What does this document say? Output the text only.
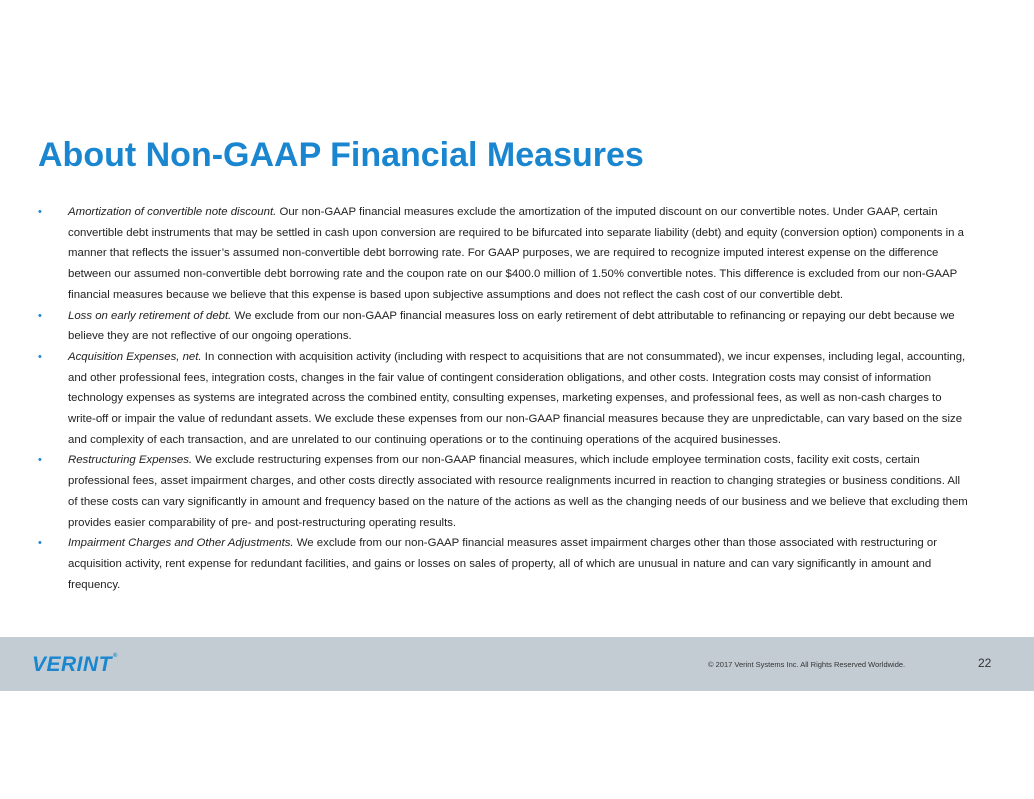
About Non-GAAP Financial Measures
•	Amortization of convertible note discount. Our non-GAAP financial measures exclude the amortization of the imputed discount on our convertible notes. Under GAAP, certain convertible debt instruments that may be settled in cash upon conversion are required to be bifurcated into separate liability (debt) and equity (conversion option) components in a manner that reflects the issuer’s assumed non-convertible debt borrowing rate. For GAAP purposes, we are required to recognize imputed interest expense on the difference between our assumed non-convertible debt borrowing rate and the coupon rate on our $400.0 million of 1.50% convertible notes. This difference is excluded from our non-GAAP financial measures because we believe that this expense is based upon subjective assumptions and does not reflect the cash cost of our convertible debt.
•	Loss on early retirement of debt. We exclude from our non-GAAP financial measures loss on early retirement of debt attributable to refinancing or repaying our debt because we believe they are not reflective of our ongoing operations.
•	Acquisition Expenses, net. In connection with acquisition activity (including with respect to acquisitions that are not consummated), we incur expenses, including legal, accounting, and other professional fees, integration costs, changes in the fair value of contingent consideration obligations, and other costs. Integration costs may consist of information technology expenses as systems are integrated across the combined entity, consulting expenses, marketing expenses, and professional fees, as well as non-cash charges to write-off or impair the value of redundant assets. We exclude these expenses from our non-GAAP financial measures because they are unpredictable, can vary based on the size and complexity of each transaction, and are unrelated to our continuing operations or to the continuing operations of the acquired businesses.
•	Restructuring Expenses. We exclude restructuring expenses from our non-GAAP financial measures, which include employee termination costs, facility exit costs, certain professional fees, asset impairment charges, and other costs directly associated with resource realignments incurred in reaction to changing strategies or business conditions. All of these costs can vary significantly in amount and frequency based on the nature of the actions as well as the changing needs of our business and we believe that excluding them provides easier comparability of pre- and post-restructuring operating results.
•	Impairment Charges and Other Adjustments. We exclude from our non-GAAP financial measures asset impairment charges other than those associated with restructuring or acquisition activity, rent expense for redundant facilities, and gains or losses on sales of property, all of which are unusual in nature and can vary significantly in amount and frequency.
VERINT®
© 2017 Verint Systems Inc. All Rights Reserved Worldwide.	22
